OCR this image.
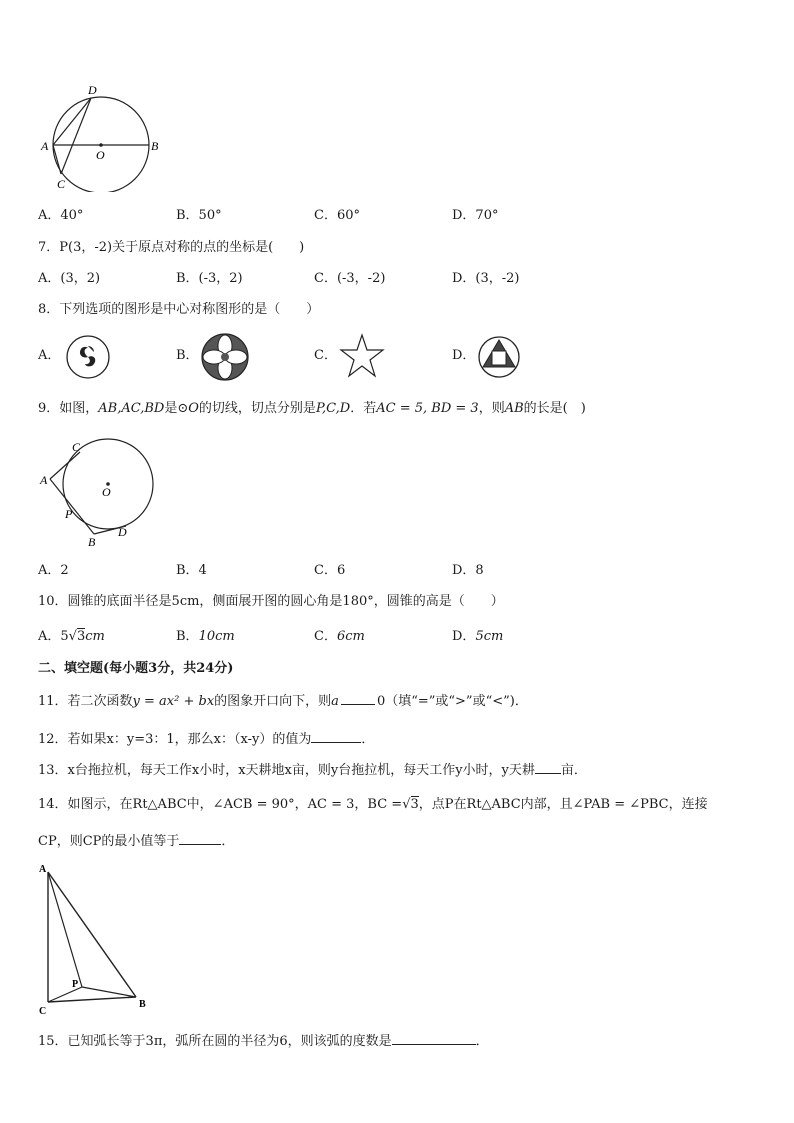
D
A
O
B
C
A．40°	B．50°	C．60°	D．70°
7．P(3，-2)关于原点对称的点的坐标是(　　)
A．(3，2)	B．(-3，2)	C．(-3，-2)	D．(3，-2)
8．下列选项的图形是中心对称图形的是（　　）
A．	B．	C．	D．
9．如图，AB,AC,BD是⊙O的切线，切点分别是P,C,D．若AC = 5, BD = 3，则AB的长是(　)
C
A
O
P
B
D
A．2	B．4	C．6	D．8
10．圆锥的底面半径是5cm，侧面展开图的圆心角是180°，圆锥的高是（　　）
A．5√3cm	B．10cm	C．6cm	D．5cm
二、填空题(每小题3分，共24分)
11．若二次函数y = ax² + bx的图象开口向下，则a	0（填“=”或“>”或“<”)．
12．若如果x：y=3：1，那么x：（x-y）的值为	．
13．x台拖拉机，每天工作x小时，x天耕地x亩，则y台拖拉机，每天工作y小时，y天耕 亩．
14．如图示，在Rt△ABC中，∠ACB = 90°，AC = 3，BC =√3，点P在Rt△ABC内部，且∠PAB = ∠PBC，连接
CP，则CP的最小值等于	．
A
P
C
B
15．已知弧长等于3π，弧所在圆的半径为6，则该弧的度数是	．
